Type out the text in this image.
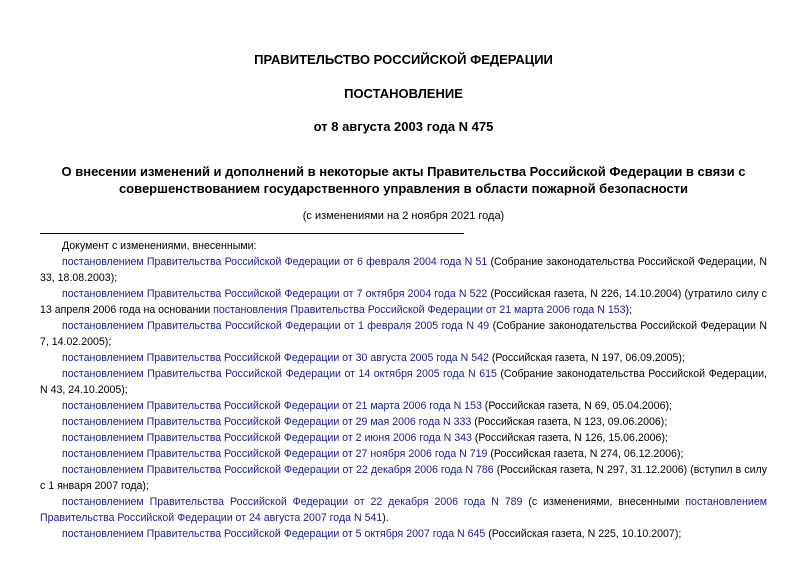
ПРАВИТЕЛЬСТВО РОССИЙСКОЙ ФЕДЕРАЦИИ
ПОСТАНОВЛЕНИЕ
от 8 августа 2003 года N 475
О внесении изменений и дополнений в некоторые акты Правительства Российской Федерации в связи с совершенствованием государственного управления в области пожарной безопасности
(с изменениями на 2 ноября 2021 года)

Документ с изменениями, внесенными:

постановлением Правительства Российской Федерации от 6 февраля 2004 года N 51 (Собрание законодательства Российской Федерации, N 33, 18.08.2003);

постановлением Правительства Российской Федерации от 7 октября 2004 года N 522 (Российская газета, N 226, 14.10.2004) (утратило силу с 13 апреля 2006 года на основании постановления Правительства Российской Федерации от 21 марта 2006 года N 153);

постановлением Правительства Российской Федерации от 1 февраля 2005 года N 49 (Собрание законодательства Российской Федерации N 7, 14.02.2005);

постановлением Правительства Российской Федерации от 30 августа 2005 года N 542 (Российская газета, N 197, 06.09.2005);

постановлением Правительства Российской Федерации от 14 октября 2005 года N 615 (Собрание законодательства Российской Федерации, N 43, 24.10.2005);

постановлением Правительства Российской Федерации от 21 марта 2006 года N 153 (Российская газета, N 69, 05.04.2006);

постановлением Правительства Российской Федерации от 29 мая 2006 года N 333 (Российская газета, N 123, 09.06.2006);

постановлением Правительства Российской Федерации от 2 июня 2006 года N 343 (Российская газета, N 126, 15.06.2006);

постановлением Правительства Российской Федерации от 27 ноября 2006 года N 719 (Российская газета, N 274, 06.12.2006);

постановлением Правительства Российской Федерации от 22 декабря 2006 года N 786 (Российская газета, N 297, 31.12.2006) (вступил в силу с 1 января 2007 года);

постановлением Правительства Российской Федерации от 22 декабря 2006 года N 789 (с изменениями, внесенными постановлением Правительства Российской Федерации от 24 августа 2007 года N 541).

постановлением Правительства Российской Федерации от 5 октября 2007 года N 645 (Российская газета, N 225, 10.10.2007);
